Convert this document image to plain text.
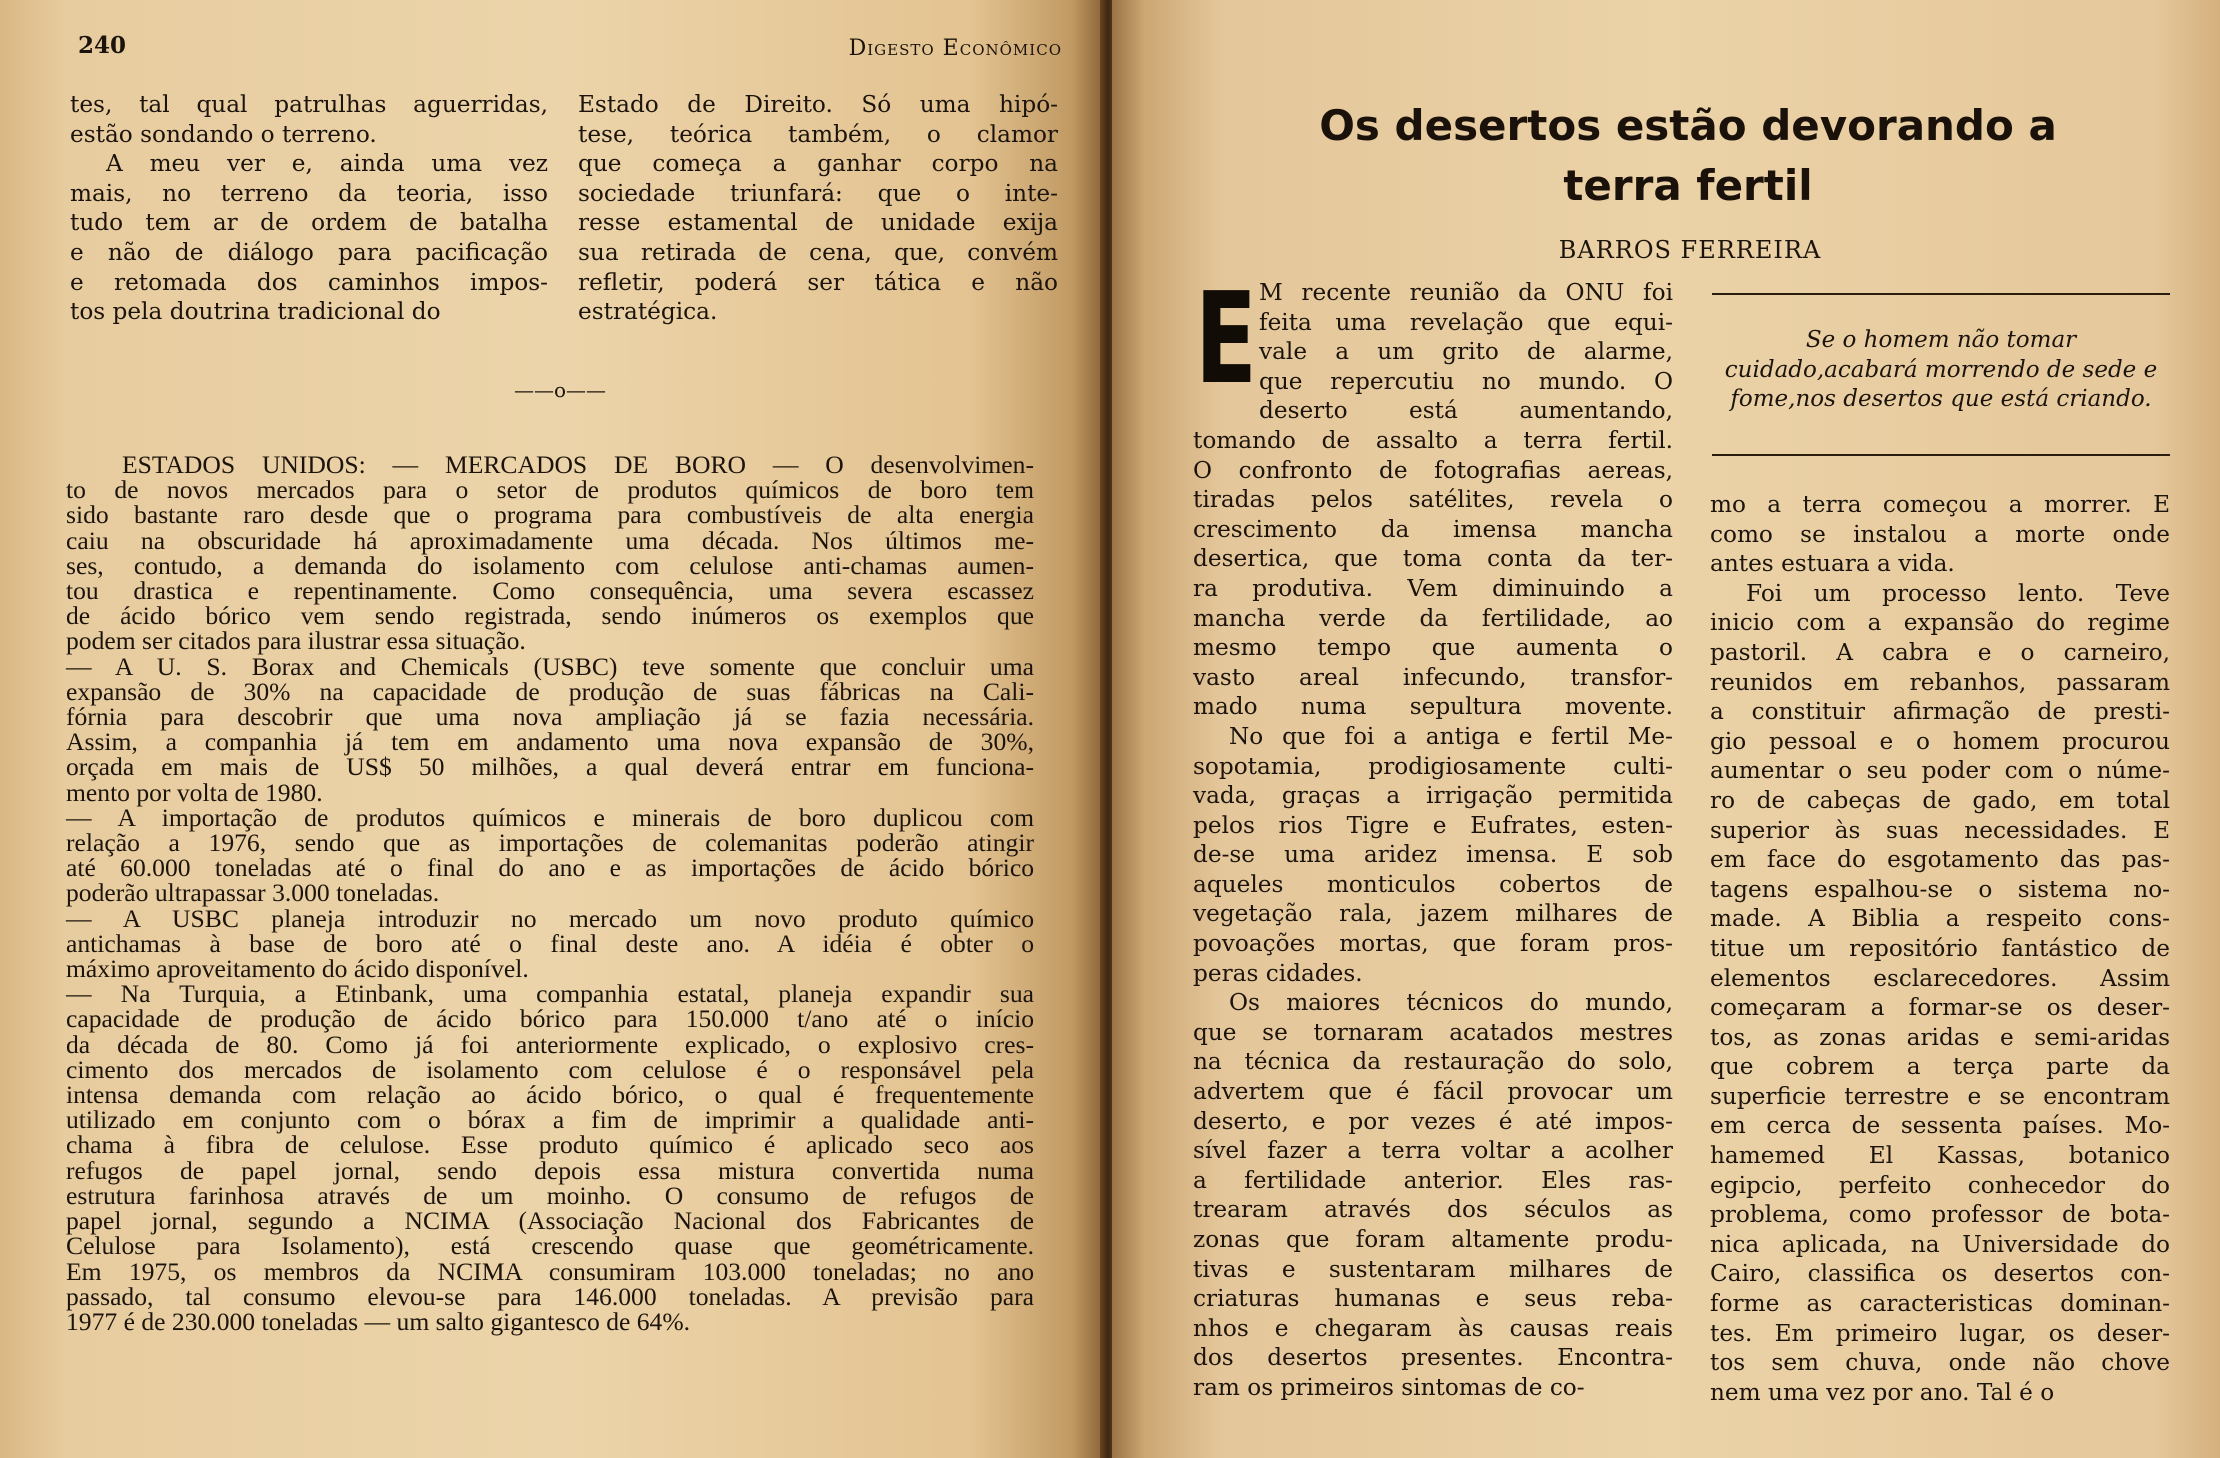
240	Digesto Econômico
tes, tal qual patrulhas aguerridas,
estão sondando o terreno.
A meu ver e, ainda uma vez
mais, no terreno da teoria, isso
tudo tem ar de ordem de batalha
e não de diálogo para pacificação
e retomada dos caminhos impos-
tos pela doutrina tradicional do
Estado de Direito. Só uma hipó-
tese, teórica também, o clamor
que começa a ganhar corpo na
sociedade triunfará: que o inte-
resse estamental de unidade exija
sua retirada de cena, que, convém
refletir, poderá ser tática e não
estratégica.
——o——
ESTADOS UNIDOS: — MERCADOS DE BORO — O desenvolvimen-
to de novos mercados para o setor de produtos químicos de boro tem
sido bastante raro desde que o programa para combustíveis de alta energia
caiu na obscuridade há aproximadamente uma década. Nos últimos me-
ses, contudo, a demanda do isolamento com celulose anti-chamas aumen-
tou drastica e repentinamente. Como consequência, uma severa escassez
de ácido bórico vem sendo registrada, sendo inúmeros os exemplos que
podem ser citados para ilustrar essa situação.
— A U. S. Borax and Chemicals (USBC) teve somente que concluir uma
expansão de 30% na capacidade de produção de suas fábricas na Cali-
fórnia para descobrir que uma nova ampliação já se fazia necessária.
Assim, a companhia já tem em andamento uma nova expansão de 30%,
orçada em mais de US$ 50 milhões, a qual deverá entrar em funciona-
mento por volta de 1980.
— A importação de produtos químicos e minerais de boro duplicou com
relação a 1976, sendo que as importações de colemanitas poderão atingir
até 60.000 toneladas até o final do ano e as importações de ácido bórico
poderão ultrapassar 3.000 toneladas.
— A USBC planeja introduzir no mercado um novo produto químico
antichamas à base de boro até o final deste ano. A idéia é obter o
máximo aproveitamento do ácido disponível.
— Na Turquia, a Etinbank, uma companhia estatal, planeja expandir sua
capacidade de produção de ácido bórico para 150.000 t/ano até o início
da década de 80. Como já foi anteriormente explicado, o explosivo cres-
cimento dos mercados de isolamento com celulose é o responsável pela
intensa demanda com relação ao ácido bórico, o qual é frequentemente
utilizado em conjunto com o bórax a fim de imprimir a qualidade anti-
chama à fibra de celulose. Esse produto químico é aplicado seco aos
refugos de papel jornal, sendo depois essa mistura convertida numa
estrutura farinhosa através de um moinho. O consumo de refugos de
papel jornal, segundo a NCIMA (Associação Nacional dos Fabricantes de
Celulose para Isolamento), está crescendo quase que geométricamente.
Em 1975, os membros da NCIMA consumiram 103.000 toneladas; no ano
passado, tal consumo elevou-se para 146.000 toneladas. A previsão para
1977 é de 230.000 toneladas — um salto gigantesco de 64%.
Os desertos estão devorando a
terra fertil
BARROS FERREIRA
E	Se o homem não tomar cuidado,acabará morrendo de sede e fome,nos desertos que está criando.
M recente reunião da ONU foi
feita uma revelação que equi-
vale a um grito de alarme,
que repercutiu no mundo. O
deserto está aumentando,
tomando de assalto a terra fertil.
O confronto de fotografias aereas,
tiradas pelos satélites, revela o
crescimento da imensa mancha
desertica, que toma conta da ter-
ra produtiva. Vem diminuindo a
mancha verde da fertilidade, ao
mesmo tempo que aumenta o
vasto areal infecundo, transfor-
mado numa sepultura movente.
No que foi a antiga e fertil Me-
sopotamia, prodigiosamente culti-
vada, graças a irrigação permitida
pelos rios Tigre e Eufrates, esten-
de-se uma aridez imensa. E sob
aqueles monticulos cobertos de
vegetação rala, jazem milhares de
povoações mortas, que foram pros-
peras cidades.
Os maiores técnicos do mundo,
que se tornaram acatados mestres
na técnica da restauração do solo,
advertem que é fácil provocar um
deserto, e por vezes é até impos-
sível fazer a terra voltar a acolher
a fertilidade anterior. Eles ras-
trearam através dos séculos as
zonas que foram altamente produ-
tivas e sustentaram milhares de
criaturas humanas e seus reba-
nhos e chegaram às causas reais
dos desertos presentes. Encontra-
ram os primeiros sintomas de co-
mo a terra começou a morrer. E
como se instalou a morte onde
antes estuara a vida.
Foi um processo lento. Teve
inicio com a expansão do regime
pastoril. A cabra e o carneiro,
reunidos em rebanhos, passaram
a constituir afirmação de presti-
gio pessoal e o homem procurou
aumentar o seu poder com o núme-
ro de cabeças de gado, em total
superior às suas necessidades. E
em face do esgotamento das pas-
tagens espalhou-se o sistema no-
made. A Biblia a respeito cons-
titue um repositório fantástico de
elementos esclarecedores. Assim
começaram a formar-se os deser-
tos, as zonas aridas e semi-aridas
que cobrem a terça parte da
superficie terrestre e se encontram
em cerca de sessenta países. Mo-
hamemed El Kassas, botanico
egipcio, perfeito conhecedor do
problema, como professor de bota-
nica aplicada, na Universidade do
Cairo, classifica os desertos con-
forme as caracteristicas dominan-
tes. Em primeiro lugar, os deser-
tos sem chuva, onde não chove
nem uma vez por ano. Tal é o
